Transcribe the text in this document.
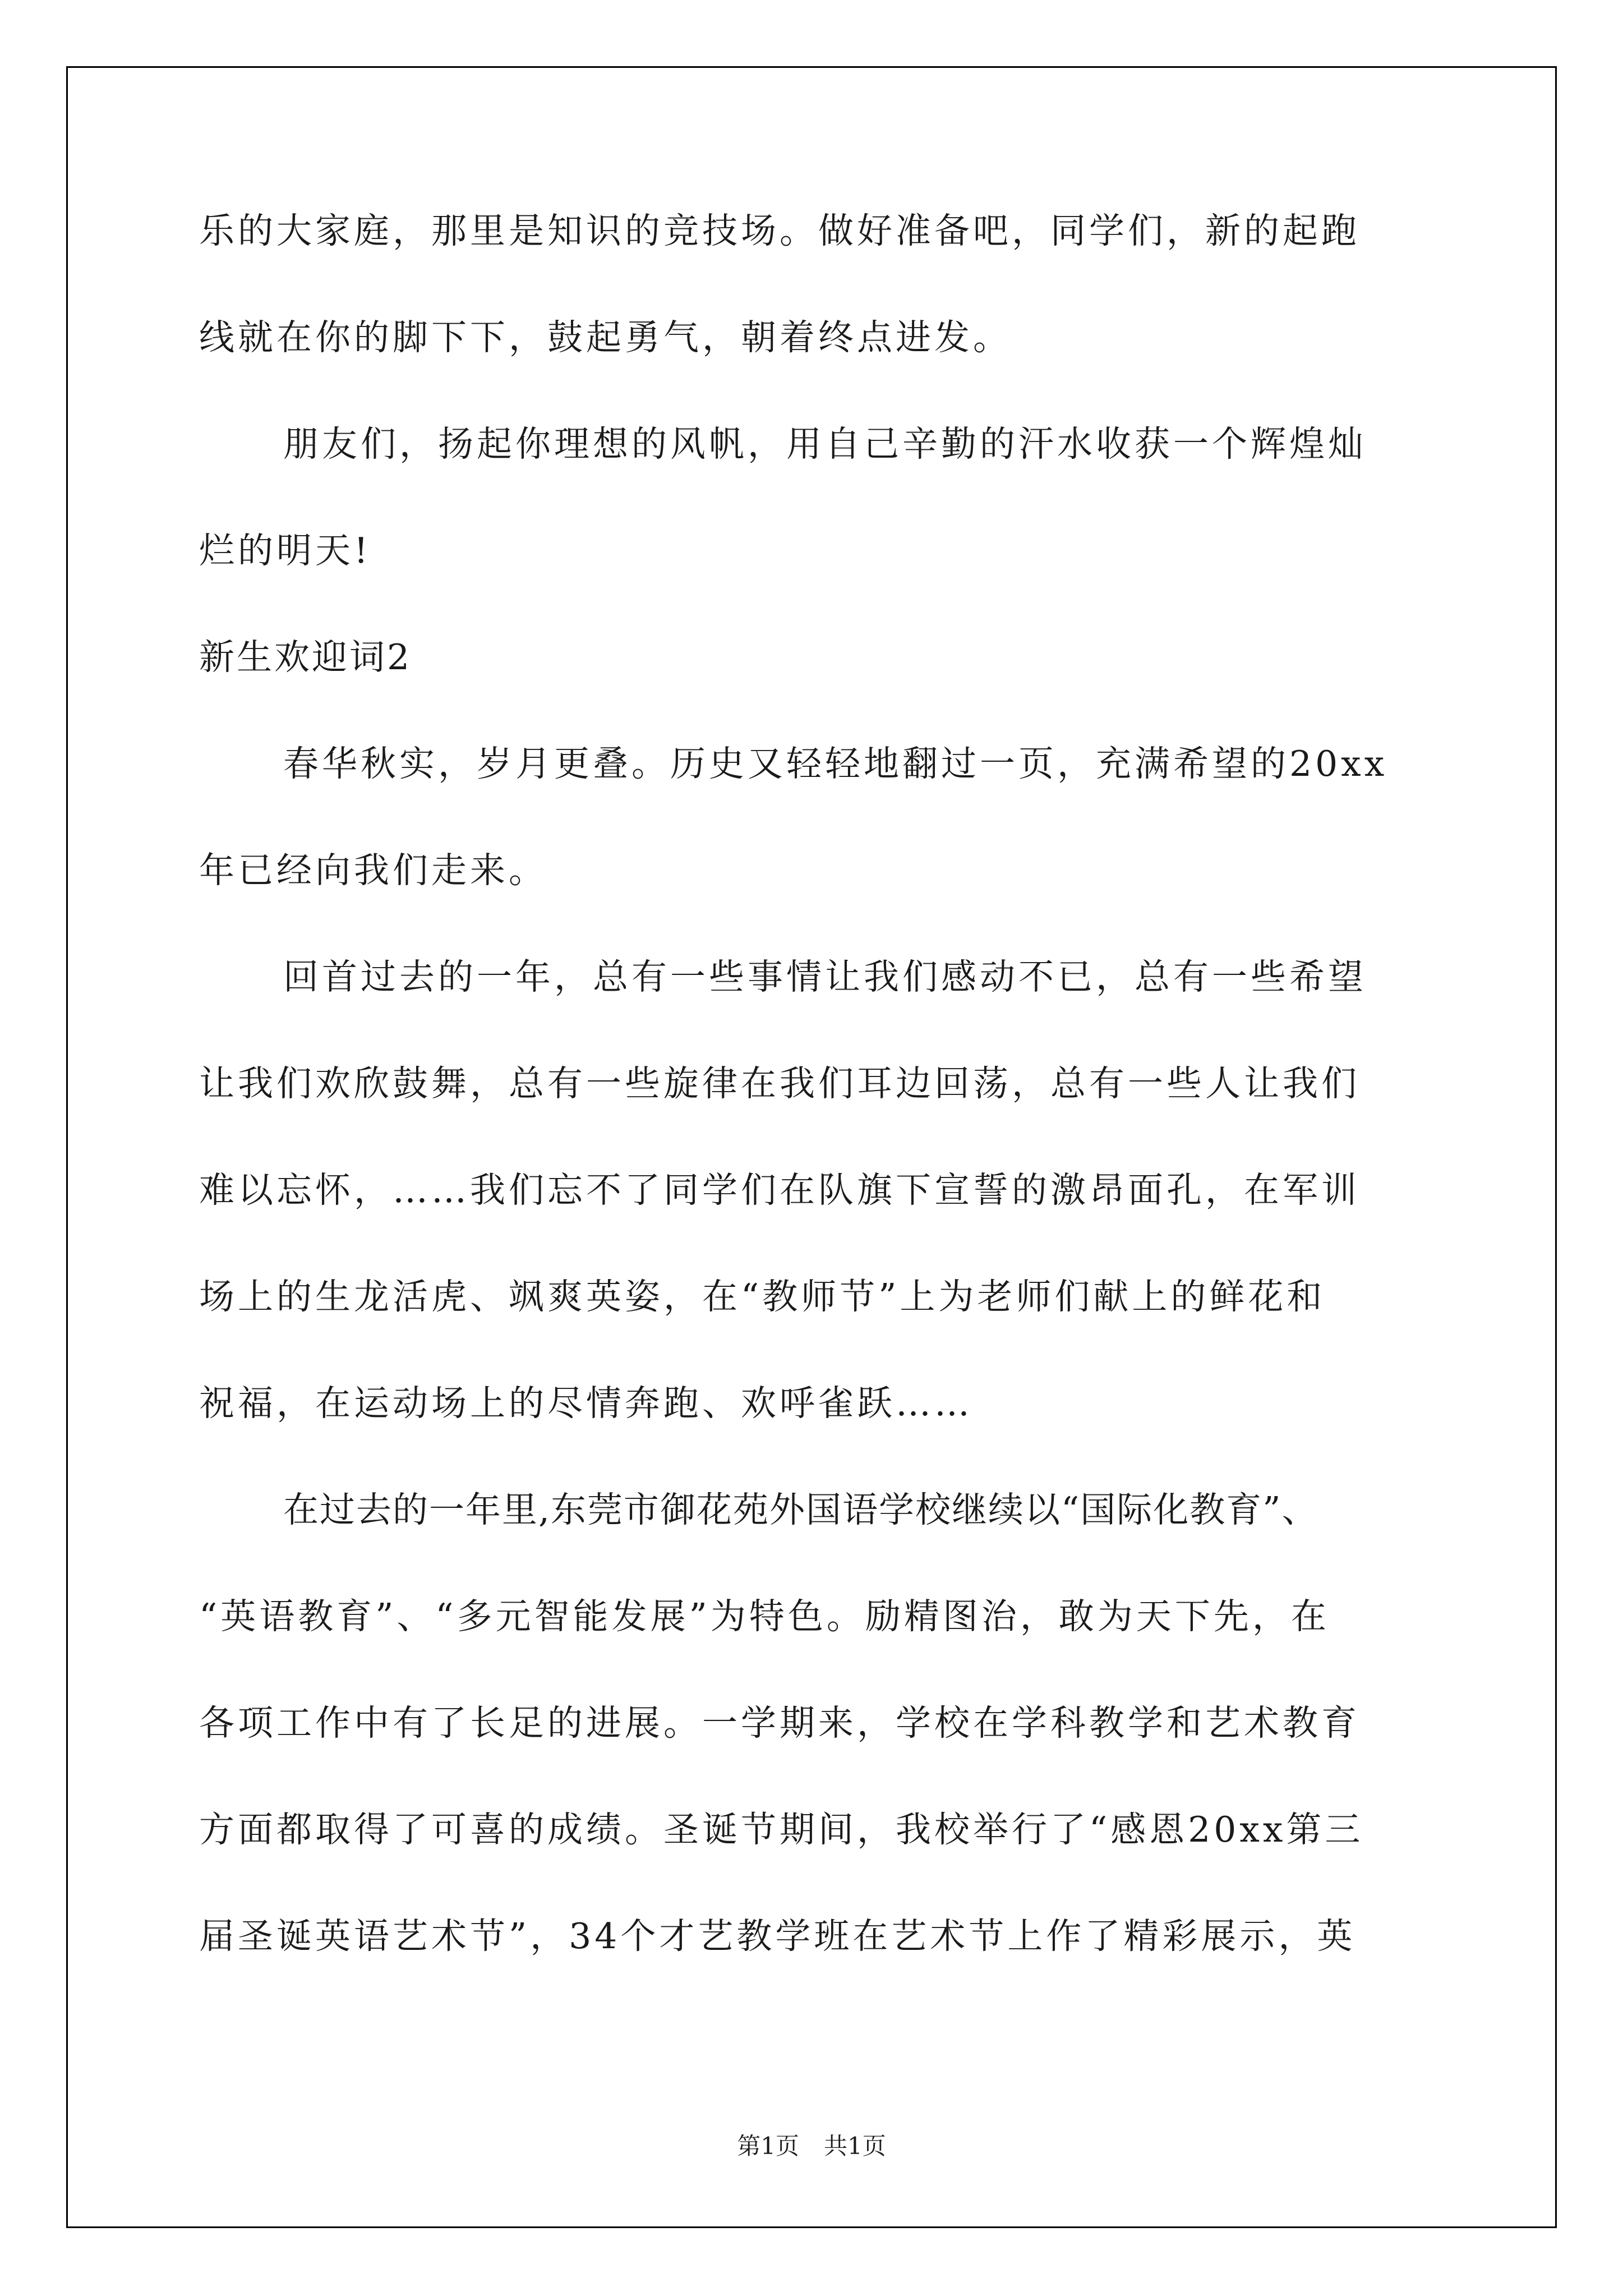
乐的大家庭，那里是知识的竞技场。做好准备吧，同学们，新的起跑
线就在你的脚下下，鼓起勇气，朝着终点进发。
朋友们，扬起你理想的风帆，用自己辛勤的汗水收获一个辉煌灿
烂的明天!
新生欢迎词2
春华秋实，岁月更叠。历史又轻轻地翻过一页，充满希望的20xx
年已经向我们走来。
回首过去的一年，总有一些事情让我们感动不已，总有一些希望
让我们欢欣鼓舞，总有一些旋律在我们耳边回荡，总有一些人让我们
难以忘怀，……我们忘不了同学们在队旗下宣誓的激昂面孔，在军训
场上的生龙活虎、飒爽英姿，在“教师节”上为老师们献上的鲜花和
祝福，在运动场上的尽情奔跑、欢呼雀跃……
在过去的一年里,东莞市御花苑外国语学校继续以“国际化教育”、
“英语教育”、“多元智能发展”为特色。励精图治，敢为天下先，在
各项工作中有了长足的进展。一学期来，学校在学科教学和艺术教育
方面都取得了可喜的成绩。圣诞节期间，我校举行了“感恩20xx第三
届圣诞英语艺术节”，34个才艺教学班在艺术节上作了精彩展示，英
第1页 共1页
